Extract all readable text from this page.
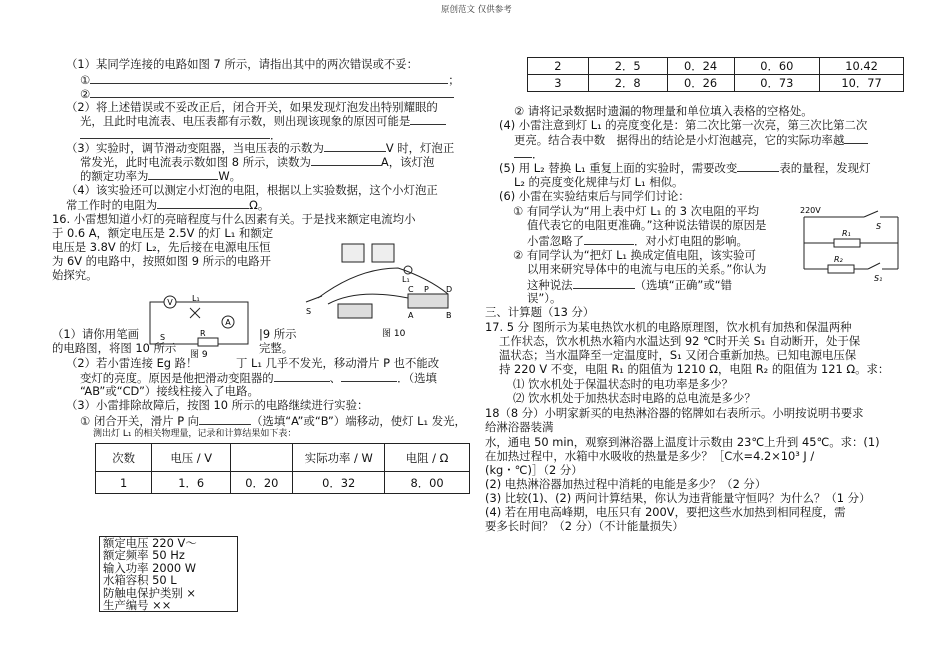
原创范文 仅供参考
（1）某同学连接的电路如图 7 所示，请指出其中的两次错误或不妥：
①	；
②
（2）将上述错误或不妥改正后，闭合开关，如果发现灯泡发出特别耀眼的
光，且此时电流表、电压表都有示数，则出现该现象的原因可能是
．
（3）实验时，调节滑动变阻器，当电压表的示数为	V 时，灯泡正
常发光，此时电流表示数如图 8 所示，读数为	A，该灯泡
的额定功率为	W。
（4）该实验还可以测定小灯泡的电阻，根据以上实验数据，这个小灯泡正
常工作时的电阻为	Ω。
16. 小雷想知道小灯的亮暗程度与什么因素有关。于是找来额定电流均小
于 0.6 A，额定电压是 2.5V 的灯 L₁ 和额定
电压是 3.8V 的灯 L₂，先后接在电源电压恒
为 6V 的电路中，按照如图 9 所示的电路开
始探究。
V
A
L₁
S	R
图 9
S
L₁
C	D
P
A	B
图 10
（1）请你用笔画	|9 所示
的电路图，将图 10 所示	完整。
（2）若小雷连接 Eg 路！	丁 L₁ 几乎不发光，移动滑片 P 也不能改
变灯的亮度。原因是他把滑动变阻器的	、	．（选填
“AB”或“CD”）接线柱接入了电路。
（3）小雷排除故障后，按图 10 所示的电路继续进行实验：
① 闭合开关，滑片 P 向	（选填“A”或“B”）端移动，使灯 L₁ 发光，
测出灯 L₁ 的相关物理量，记录和计算结果如下表：
次数	电压 / V		实际功率 / W	电阻 / Ω
1	1．6	0．20	0．32	8．00
额定电压 220 V～
额定频率 50 Hz
输入功率 2000 W
水箱容积 50 L
防触电保护类别 ×
生产编号 ××
2	2．5	0．24	0．60	10.42
3	2．8	0．26	0．73	10．77
② 请将记录数据时遗漏的物理量和单位填入表格的空格处。
(4) 小雷注意到灯 L₁ 的亮度变化是：第二次比第一次亮，第三次比第二次
更亮。结合表中数　据得出的结论是小灯泡越亮，它的实际功率越
．
(5) 用 L₂ 替换 L₁ 重复上面的实验时，需要改变	表的量程，发现灯
L₂ 的亮度变化规律与灯 L₁ 相似。
(6) 小雷在实验结束后与同学们讨论：
① 有同学认为“用上表中灯 L₁ 的 3 次电阻的平均
值代表它的电阻更准确。”这种说法错误的原因是
小雷忽略了	．对小灯电阻的影响。
② 有同学认为“把灯 L₁ 换成定值电阻，该实验可
以用来研究导体中的电流与电压的关系。”你认为
这种说法	（选填“正确”或“错
误”）。
220V
S
R₁
R₂
S₁
三、计算题（13 分）
17. 5 分 图所示为某电热饮水机的电路原理图，饮水机有加热和保温两种
工作状态，饮水机热水箱内水温达到 92 ℃时开关 S₁ 自动断开，处于保
温状态；当水温降至一定温度时，S₁ 又闭合重新加热。已知电源电压保
持 220 V 不变，电阻 R₁ 的阻值为 1210 Ω，电阻 R₂ 的阻值为 121 Ω。求：
⑴ 饮水机处于保温状态时的电功率是多少？
⑵ 饮水机处于加热状态时电路的总电流是多少？
18（8 分）小明家新买的电热淋浴器的铭牌如右表所示。小明按说明书要求
给淋浴器装满
水，通电 50 min，观察到淋浴器上温度计示数由 23℃上升到 45℃。求：(1)
在加热过程中，水箱中水吸收的热量是多少？［C水=4.2×10³ J /
(kg・℃)］（2 分）
(2) 电热淋浴器加热过程中消耗的电能是多少？（2 分）
(3) 比较(1)、(2) 两问计算结果，你认为违背能量守恒吗？为什么？（1 分）
(4) 若在用电高峰期，电压只有 200V，要把这些水加热到相同程度，需
要多长时间？（2 分）（不计能量损失）
